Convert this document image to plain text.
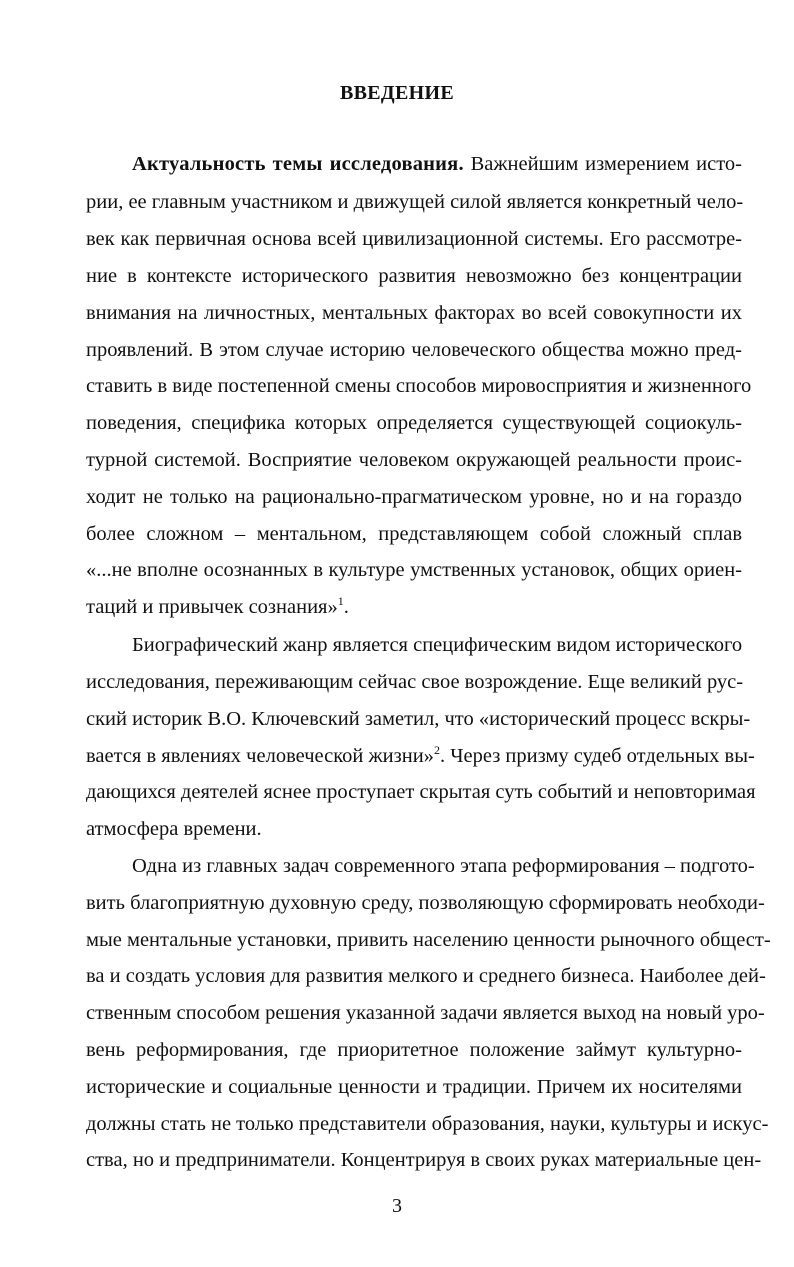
ВВЕДЕНИЕ
Актуальность темы исследования. Важнейшим измерением исто-
рии, ее главным участником и движущей силой является конкретный чело-
век как первичная основа всей цивилизационной системы. Его рассмотре-
ние в контексте исторического развития невозможно без концентрации
внимания на личностных, ментальных факторах во всей совокупности их
проявлений. В этом случае историю человеческого общества можно пред-
ставить в виде постепенной смены способов мировосприятия и жизненного
поведения, специфика которых определяется существующей социокуль-
турной системой. Восприятие человеком окружающей реальности проис-
ходит не только на рационально-прагматическом уровне, но и на гораздо
более сложном – ментальном, представляющем собой сложный сплав
«...не вполне осознанных в культуре умственных установок, общих ориен-
таций и привычек сознания»$^1$.
Биографический жанр является специфическим видом исторического
исследования, переживающим сейчас свое возрождение. Еще великий рус-
ский историк В.О. Ключевский заметил, что «исторический процесс вскры-
вается в явлениях человеческой жизни»$^2$. Через призму судеб отдельных вы-
дающихся деятелей яснее проступает скрытая суть событий и неповторимая
атмосфера времени.
Одна из главных задач современного этапа реформирования – подгото-
вить благоприятную духовную среду, позволяющую сформировать необходи-
мые ментальные установки, привить населению ценности рыночного общест-
ва и создать условия для развития мелкого и среднего бизнеса. Наиболее дей-
ственным способом решения указанной задачи является выход на новый уро-
вень реформирования, где приоритетное положение займут культурно-
исторические и социальные ценности и традиции. Причем их носителями
должны стать не только представители образования, науки, культуры и искус-
ства, но и предприниматели. Концентрируя в своих руках материальные цен-
3
